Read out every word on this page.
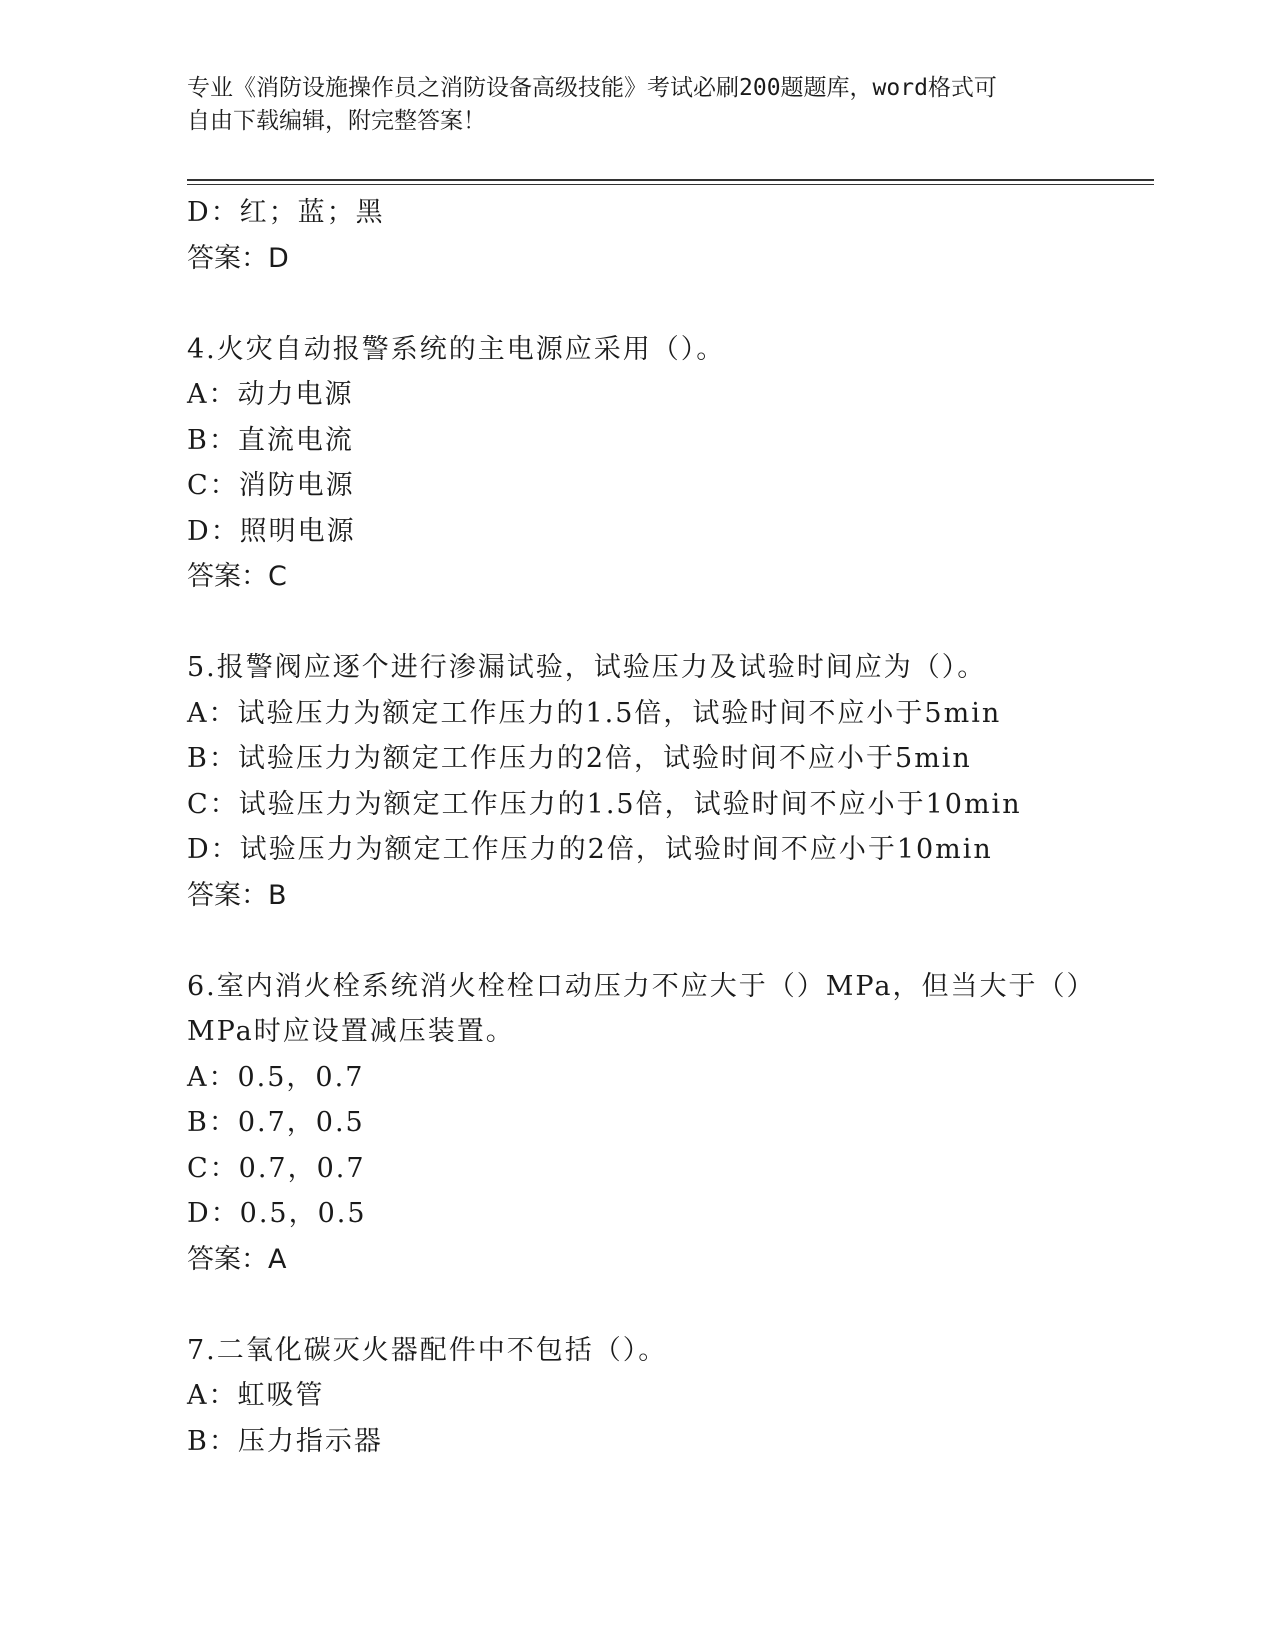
专业《消防设施操作员之消防设备高级技能》考试必刷200题题库，word格式可
自由下载编辑，附完整答案！
D：红；蓝；黑
答案：D
4.火灾自动报警系统的主电源应采用（）。
A：动力电源
B：直流电流
C：消防电源
D：照明电源
答案：C
5.报警阀应逐个进行渗漏试验，试验压力及试验时间应为（）。
A：试验压力为额定工作压力的1.5倍，试验时间不应小于5min
B：试验压力为额定工作压力的2倍，试验时间不应小于5min
C：试验压力为额定工作压力的1.5倍，试验时间不应小于10min
D：试验压力为额定工作压力的2倍，试验时间不应小于10min
答案：B
6.室内消火栓系统消火栓栓口动压力不应大于（）MPa，但当大于（）
MPa时应设置减压装置。
A：0.5，0.7
B：0.7，0.5
C：0.7，0.7
D：0.5，0.5
答案：A
7.二氧化碳灭火器配件中不包括（）。
A：虹吸管
B：压力指示器
